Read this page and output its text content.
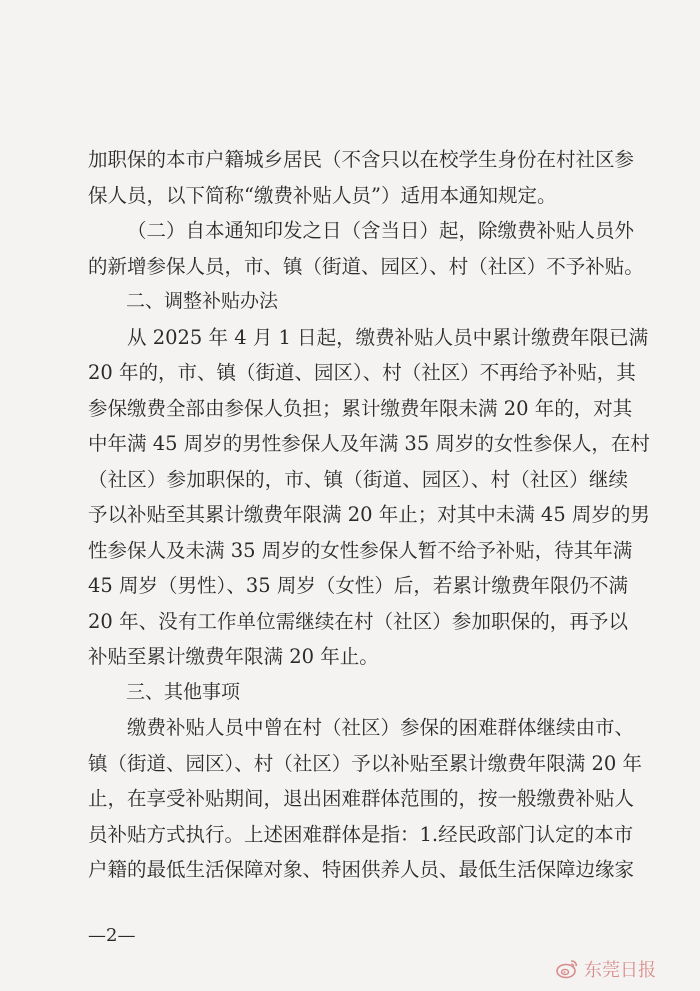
加职保的本市户籍城乡居民（不含只以在校学生身份在村社区参
保人员，以下简称“缴费补贴人员”）适用本通知规定。
（二）自本通知印发之日（含当日）起，除缴费补贴人员外
的新增参保人员，市、镇（街道、园区）、村（社区）不予补贴。
二、调整补贴办法
从 2025 年 4 月 1 日起，缴费补贴人员中累计缴费年限已满
20 年的，市、镇（街道、园区）、村（社区）不再给予补贴，其
参保缴费全部由参保人负担；累计缴费年限未满 20 年的，对其
中年满 45 周岁的男性参保人及年满 35 周岁的女性参保人，在村
（社区）参加职保的，市、镇（街道、园区）、村（社区）继续
予以补贴至其累计缴费年限满 20 年止；对其中未满 45 周岁的男
性参保人及未满 35 周岁的女性参保人暂不给予补贴，待其年满
45 周岁（男性）、35 周岁（女性）后，若累计缴费年限仍不满
20 年、没有工作单位需继续在村（社区）参加职保的，再予以
补贴至累计缴费年限满 20 年止。
三、其他事项
缴费补贴人员中曾在村（社区）参保的困难群体继续由市、
镇（街道、园区）、村（社区）予以补贴至累计缴费年限满 20 年
止，在享受补贴期间，退出困难群体范围的，按一般缴费补贴人
员补贴方式执行。上述困难群体是指：1.经民政部门认定的本市
户籍的最低生活保障对象、特困供养人员、最低生活保障边缘家
—2—
东莞日报
